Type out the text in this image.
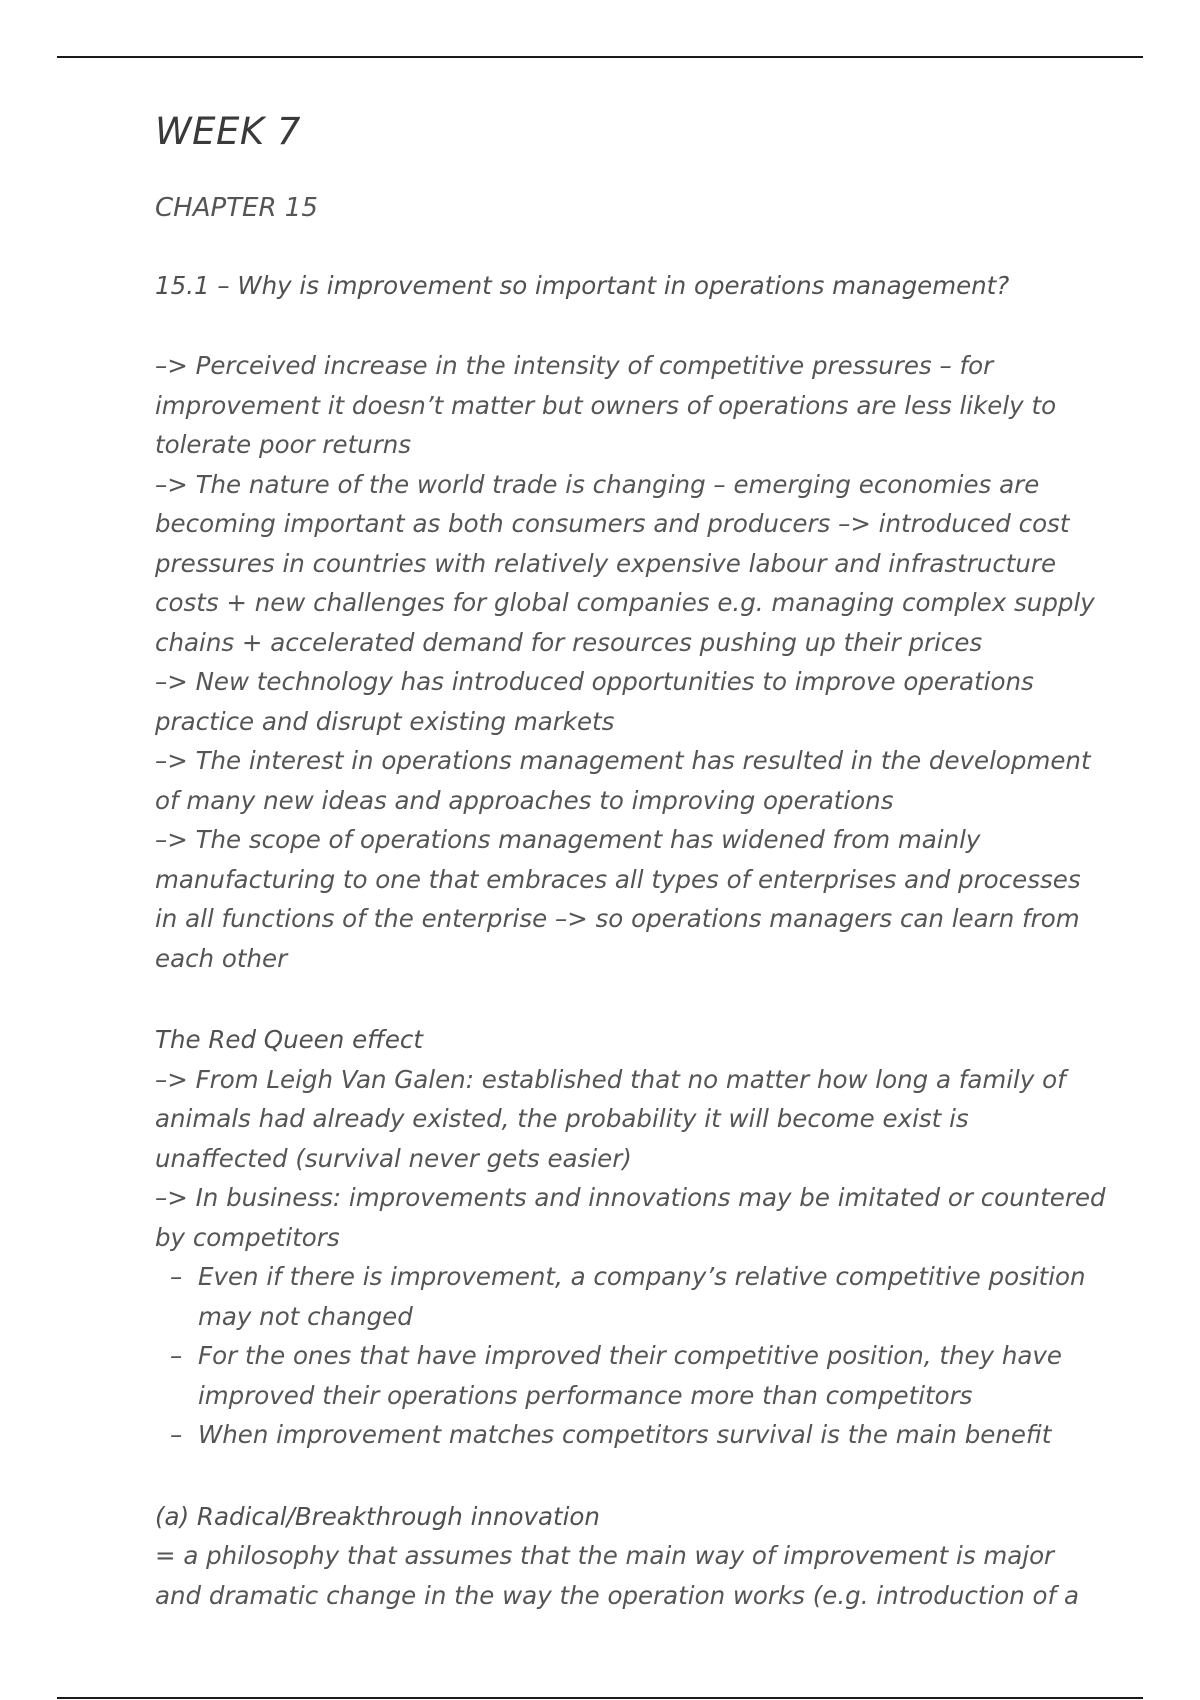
WEEK 7
CHAPTER 15
15.1 – Why is improvement so important in operations management?

–> Perceived increase in the intensity of competitive pressures – for

improvement it doesn’t matter but owners of operations are less likely to

tolerate poor returns

–> The nature of the world trade is changing – emerging economies are

becoming important as both consumers and producers –> introduced cost

pressures in countries with relatively expensive labour and infrastructure

costs + new challenges for global companies e.g. managing complex supply

chains + accelerated demand for resources pushing up their prices

–> New technology has introduced opportunities to improve operations

practice and disrupt existing markets

–> The interest in operations management has resulted in the development

of many new ideas and approaches to improving operations

–> The scope of operations management has widened from mainly

manufacturing to one that embraces all types of enterprises and processes

in all functions of the enterprise –> so operations managers can learn from

each other

The Red Queen effect

–> From Leigh Van Galen: established that no matter how long a family of

animals had already existed, the probability it will become exist is

unaffected (survival never gets easier)

–> In business: improvements and innovations may be imitated or countered

by competitors

– Even if there is improvement, a company’s relative competitive position

may not changed

– For the ones that have improved their competitive position, they have

improved their operations performance more than competitors

– When improvement matches competitors survival is the main benefit

(a) Radical/Breakthrough innovation

= a philosophy that assumes that the main way of improvement is major

and dramatic change in the way the operation works (e.g. introduction of a
